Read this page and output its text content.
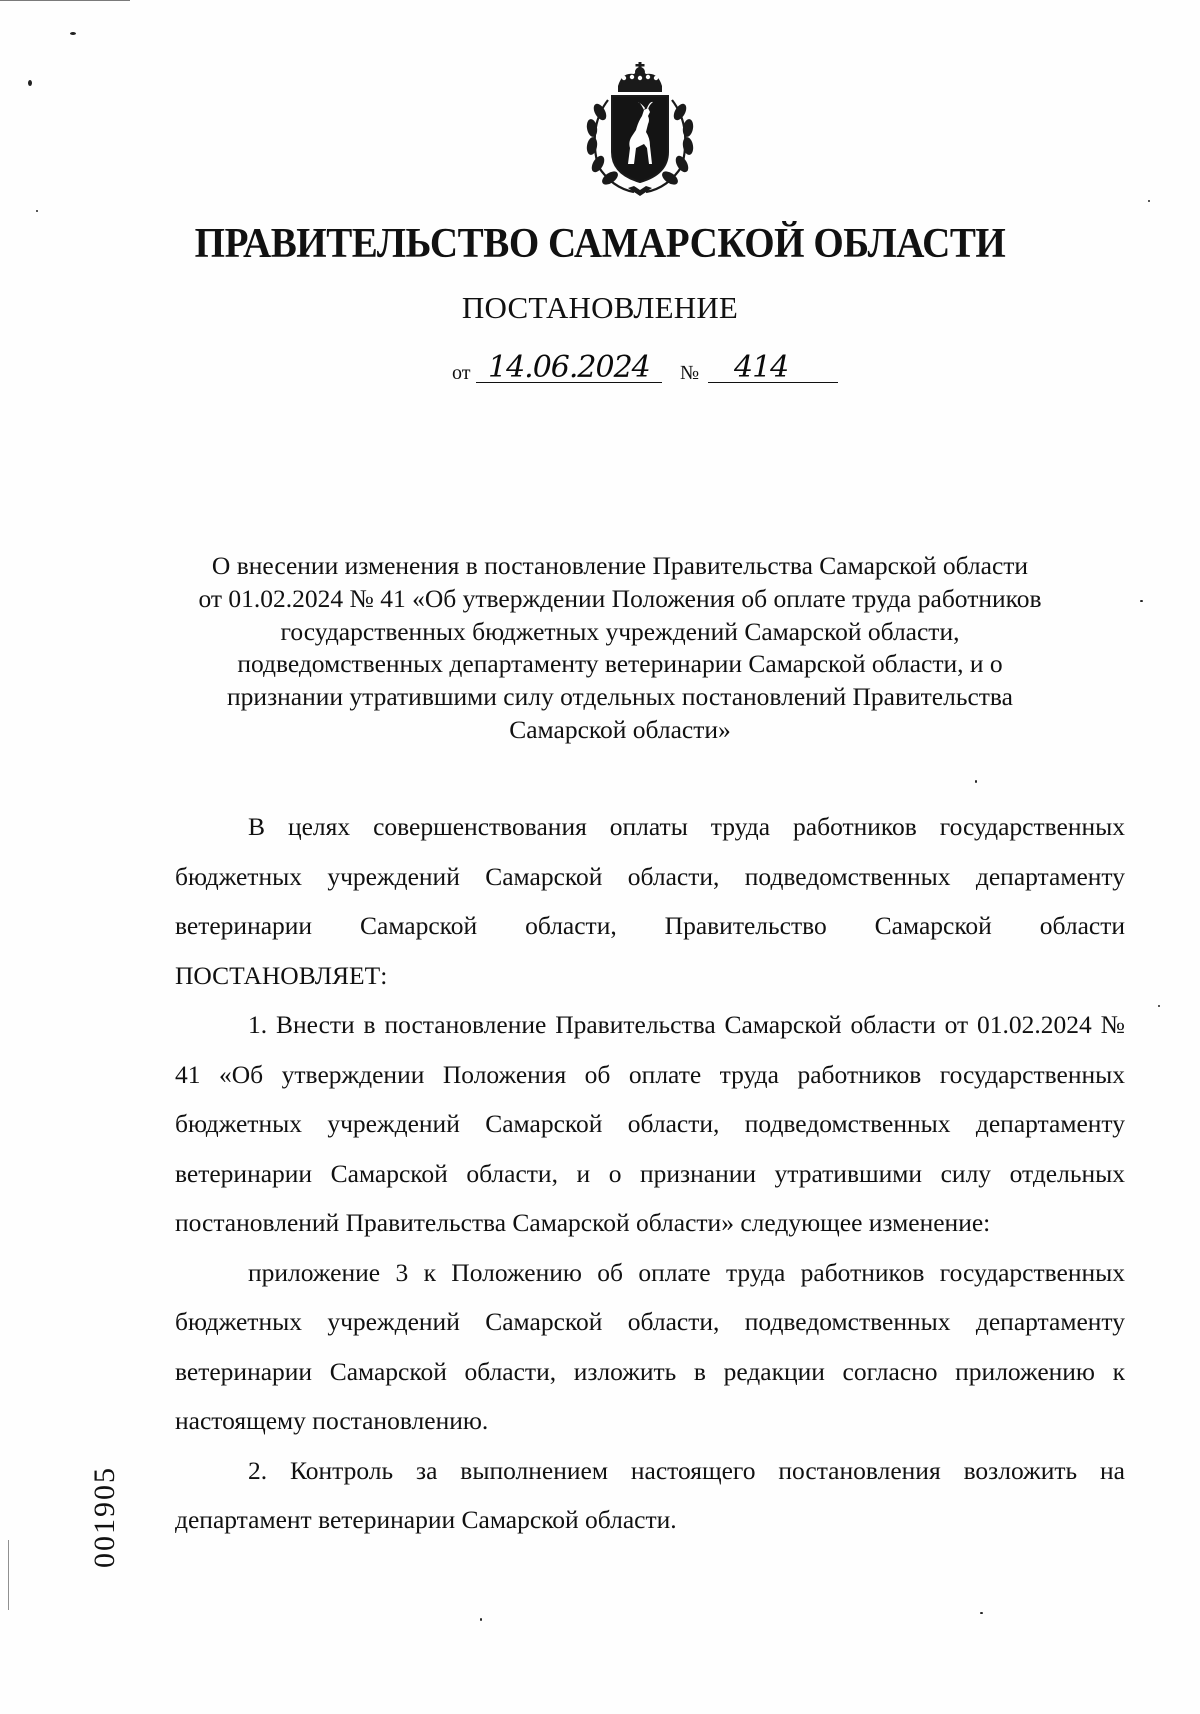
ПРАВИТЕЛЬСТВО САМАРСКОЙ ОБЛАСТИ
ПОСТАНОВЛЕНИЕ
от 14.06.2024 № 414
О внесении изменения в постановление Правительства Самарской области
от 01.02.2024 № 41 «Об утверждении Положения об оплате труда работников
государственных бюджетных учреждений Самарской области,
подведомственных департаменту ветеринарии Самарской области, и о
признании утратившими силу отдельных постановлений Правительства
Самарской области»

В целях совершенствования оплаты труда работников государственных бюджетных учреждений Самарской области, подведомственных департаменту ветеринарии Самарской области, Правительство Самарской области ПОСТАНОВЛЯЕТ:

1. Внести в постановление Правительства Самарской области от 01.02.2024 № 41 «Об утверждении Положения об оплате труда работников государственных бюджетных учреждений Самарской области, подведомственных департаменту ветеринарии Самарской области, и о признании утратившими силу отдельных постановлений Правительства Самарской области» следующее изменение:

приложение 3 к Положению об оплате труда работников государственных бюджетных учреждений Самарской области, подведомственных департаменту ветеринарии Самарской области, изложить в редакции согласно приложению к настоящему постановлению.

2. Контроль за выполнением настоящего постановления возложить на департамент ветеринарии Самарской области.

001905
